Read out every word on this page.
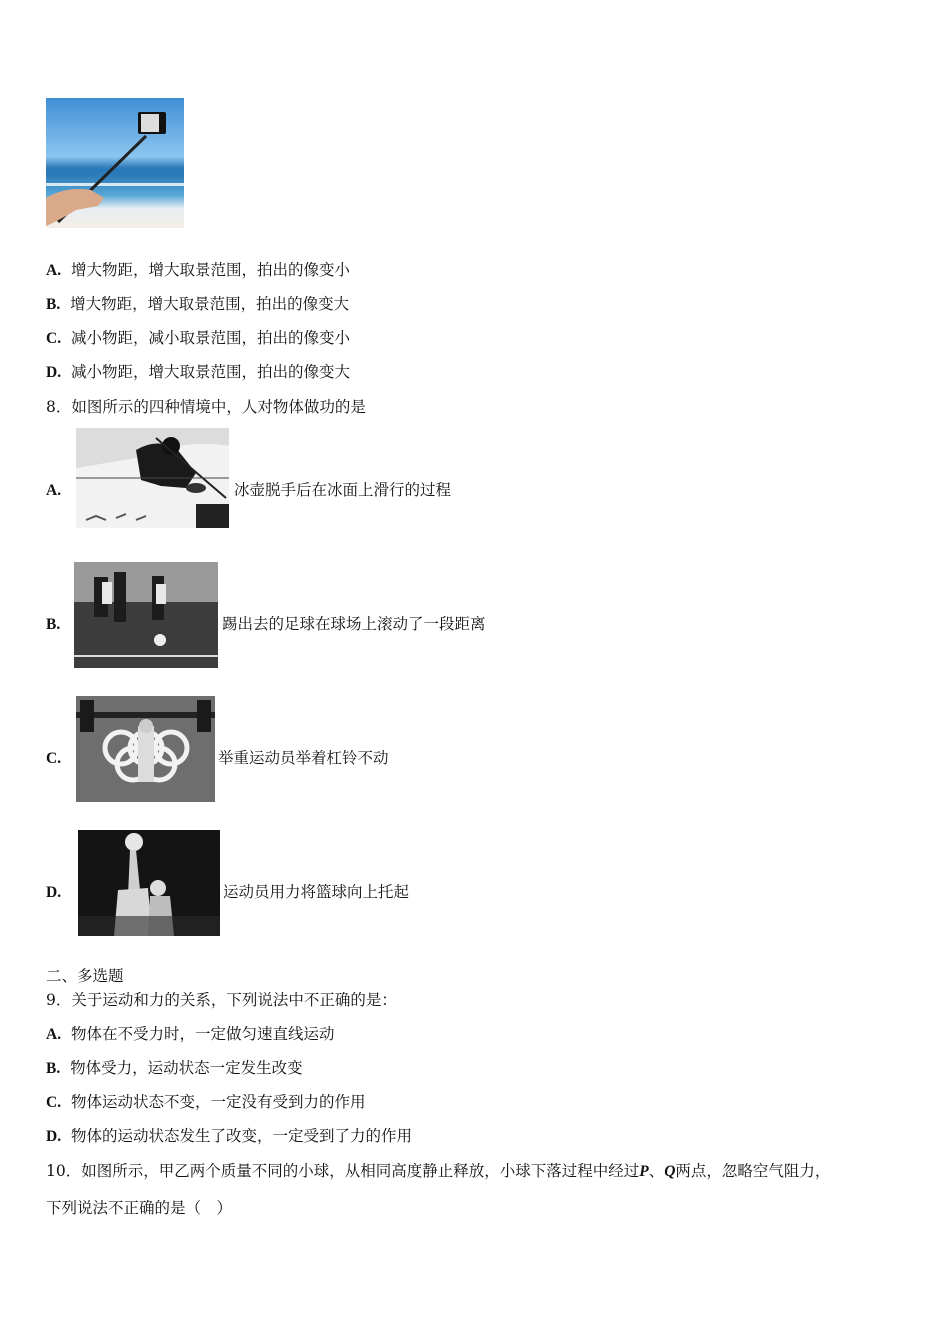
A. 增大物距，增大取景范围，拍出的像变小
B. 增大物距，增大取景范围，拍出的像变大
C. 减小物距，减小取景范围，拍出的像变小
D. 减小物距，增大取景范围，拍出的像变大
8．如图所示的四种情境中，人对物体做功的是
A.	冰壶脱手后在冰面上滑行的过程
B.	踢出去的足球在球场上滚动了一段距离
C.	举重运动员举着杠铃不动
D.	运动员用力将篮球向上托起
二、多选题
9．关于运动和力的关系，下列说法中不正确的是：
A. 物体在不受力时，一定做匀速直线运动
B. 物体受力，运动状态一定发生改变
C. 物体运动状态不变，一定没有受到力的作用
D. 物体的运动状态发生了改变，一定受到了力的作用
10．如图所示，甲乙两个质量不同的小球，从相同高度静止释放，小球下落过程中经过P、Q两点，忽略空气阻力，
下列说法不正确的是（　）
